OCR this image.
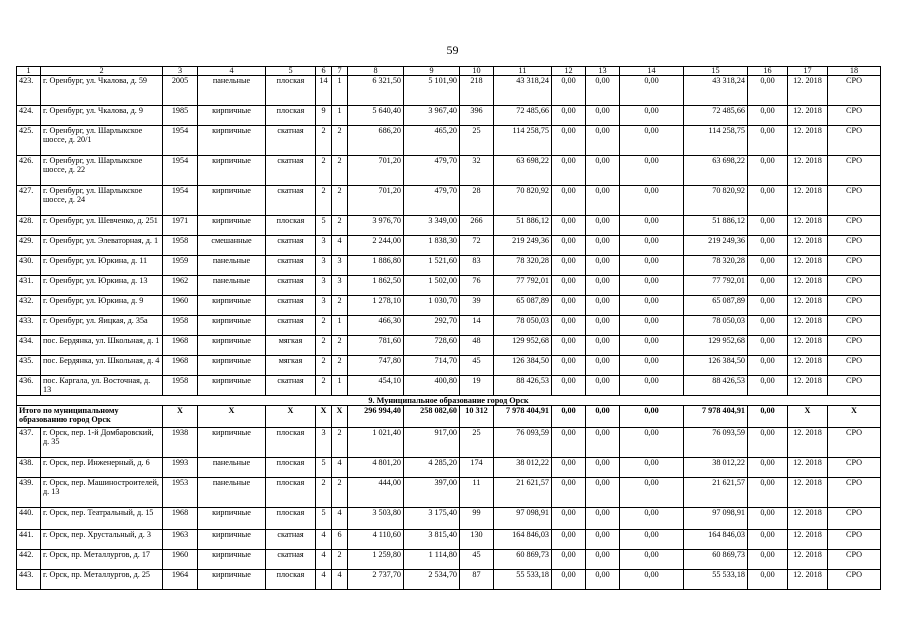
59
1	2	3	4	5	6	7	8	9	10	11	12	13	14	15	16	17	18
423.	г. Оренбург, ул. Чкалова, д. 59	2005	панельные	плоская	14	1	6 321,50	5 101,90	218	43 318,24	0,00	0,00	0,00	43 318,24	0,00	12. 2018	СРО
424.	г. Оренбург, ул. Чкалова, д. 9	1985	кирпичные	плоская	9	1	5 640,40	3 967,40	396	72 485,66	0,00	0,00	0,00	72 485,66	0,00	12. 2018	СРО
425.	г. Оренбург, ул. Шарлыкское шоссе, д. 20/1	1954	кирпичные	скатная	2	2	686,20	465,20	25	114 258,75	0,00	0,00	0,00	114 258,75	0,00	12. 2018	СРО
426.	г. Оренбург, ул. Шарлыкское шоссе, д. 22	1954	кирпичные	скатная	2	2	701,20	479,70	32	63 698,22	0,00	0,00	0,00	63 698,22	0,00	12. 2018	СРО
427.	г. Оренбург, ул. Шарлыкское шоссе, д. 24	1954	кирпичные	скатная	2	2	701,20	479,70	28	70 820,92	0,00	0,00	0,00	70 820,92	0,00	12. 2018	СРО
428.	г. Оренбург, ул. Шевченко, д. 251	1971	кирпичные	плоская	5	2	3 976,70	3 349,00	266	51 886,12	0,00	0,00	0,00	51 886,12	0,00	12. 2018	СРО
429.	г. Оренбург, ул. Элеваторная, д. 1	1958	смешанные	скатная	3	4	2 244,00	1 838,30	72	219 249,36	0,00	0,00	0,00	219 249,36	0,00	12. 2018	СРО
430.	г. Оренбург, ул. Юркина, д. 11	1959	панельные	скатная	3	3	1 886,80	1 521,60	83	78 320,28	0,00	0,00	0,00	78 320,28	0,00	12. 2018	СРО
431.	г. Оренбург, ул. Юркина, д. 13	1962	панельные	скатная	3	3	1 862,50	1 502,00	76	77 792,01	0,00	0,00	0,00	77 792,01	0,00	12. 2018	СРО
432.	г. Оренбург, ул. Юркина, д. 9	1960	кирпичные	скатная	3	2	1 278,10	1 030,70	39	65 087,89	0,00	0,00	0,00	65 087,89	0,00	12. 2018	СРО
433.	г. Оренбург, ул. Яицкая, д. 35а	1958	кирпичные	скатная	2	1	466,30	292,70	14	78 050,03	0,00	0,00	0,00	78 050,03	0,00	12. 2018	СРО
434.	пос. Бердянка, ул. Школьная, д. 1	1968	кирпичные	мягкая	2	2	781,60	728,60	48	129 952,68	0,00	0,00	0,00	129 952,68	0,00	12. 2018	СРО
435.	пос. Бердянка, ул. Школьная, д. 4	1968	кирпичные	мягкая	2	2	747,80	714,70	45	126 384,50	0,00	0,00	0,00	126 384,50	0,00	12. 2018	СРО
436.	пос. Каргала, ул. Восточная, д. 13	1958	кирпичные	скатная	2	1	454,10	400,80	19	88 426,53	0,00	0,00	0,00	88 426,53	0,00	12. 2018	СРО
9. Муниципальное образование город Орск																	
Итого по муниципальному образованию город Орск		X	X	X	X	X	296 994,40	258 082,60	10 312	7 978 404,91	0,00	0,00	0,00	7 978 404,91	0,00	X	X
437.	г. Орск, пер. 1-й Домбаровский, д. 35	1938	кирпичные	плоская	3	2	1 021,40	917,00	25	76 093,59	0,00	0,00	0,00	76 093,59	0,00	12. 2018	СРО
438.	г. Орск, пер. Инженерный, д. 6	1993	панельные	плоская	5	4	4 801,20	4 285,20	174	38 012,22	0,00	0,00	0,00	38 012,22	0,00	12. 2018	СРО
439.	г. Орск, пер. Машиностроителей, д. 13	1953	панельные	плоская	2	2	444,00	397,00	11	21 621,57	0,00	0,00	0,00	21 621,57	0,00	12. 2018	СРО
440.	г. Орск, пер. Театральный, д. 15	1968	кирпичные	плоская	5	4	3 503,80	3 175,40	99	97 098,91	0,00	0,00	0,00	97 098,91	0,00	12. 2018	СРО
441.	г. Орск, пер. Хрустальный, д. 3	1963	кирпичные	скатная	4	6	4 110,60	3 815,40	130	164 846,03	0,00	0,00	0,00	164 846,03	0,00	12. 2018	СРО
442.	г. Орск, пр. Металлургов, д. 17	1960	кирпичные	скатная	4	2	1 259,80	1 114,80	45	60 869,73	0,00	0,00	0,00	60 869,73	0,00	12. 2018	СРО
443.	г. Орск, пр. Металлургов, д. 25	1964	кирпичные	плоская	4	4	2 737,70	2 534,70	87	55 533,18	0,00	0,00	0,00	55 533,18	0,00	12. 2018	СРО
